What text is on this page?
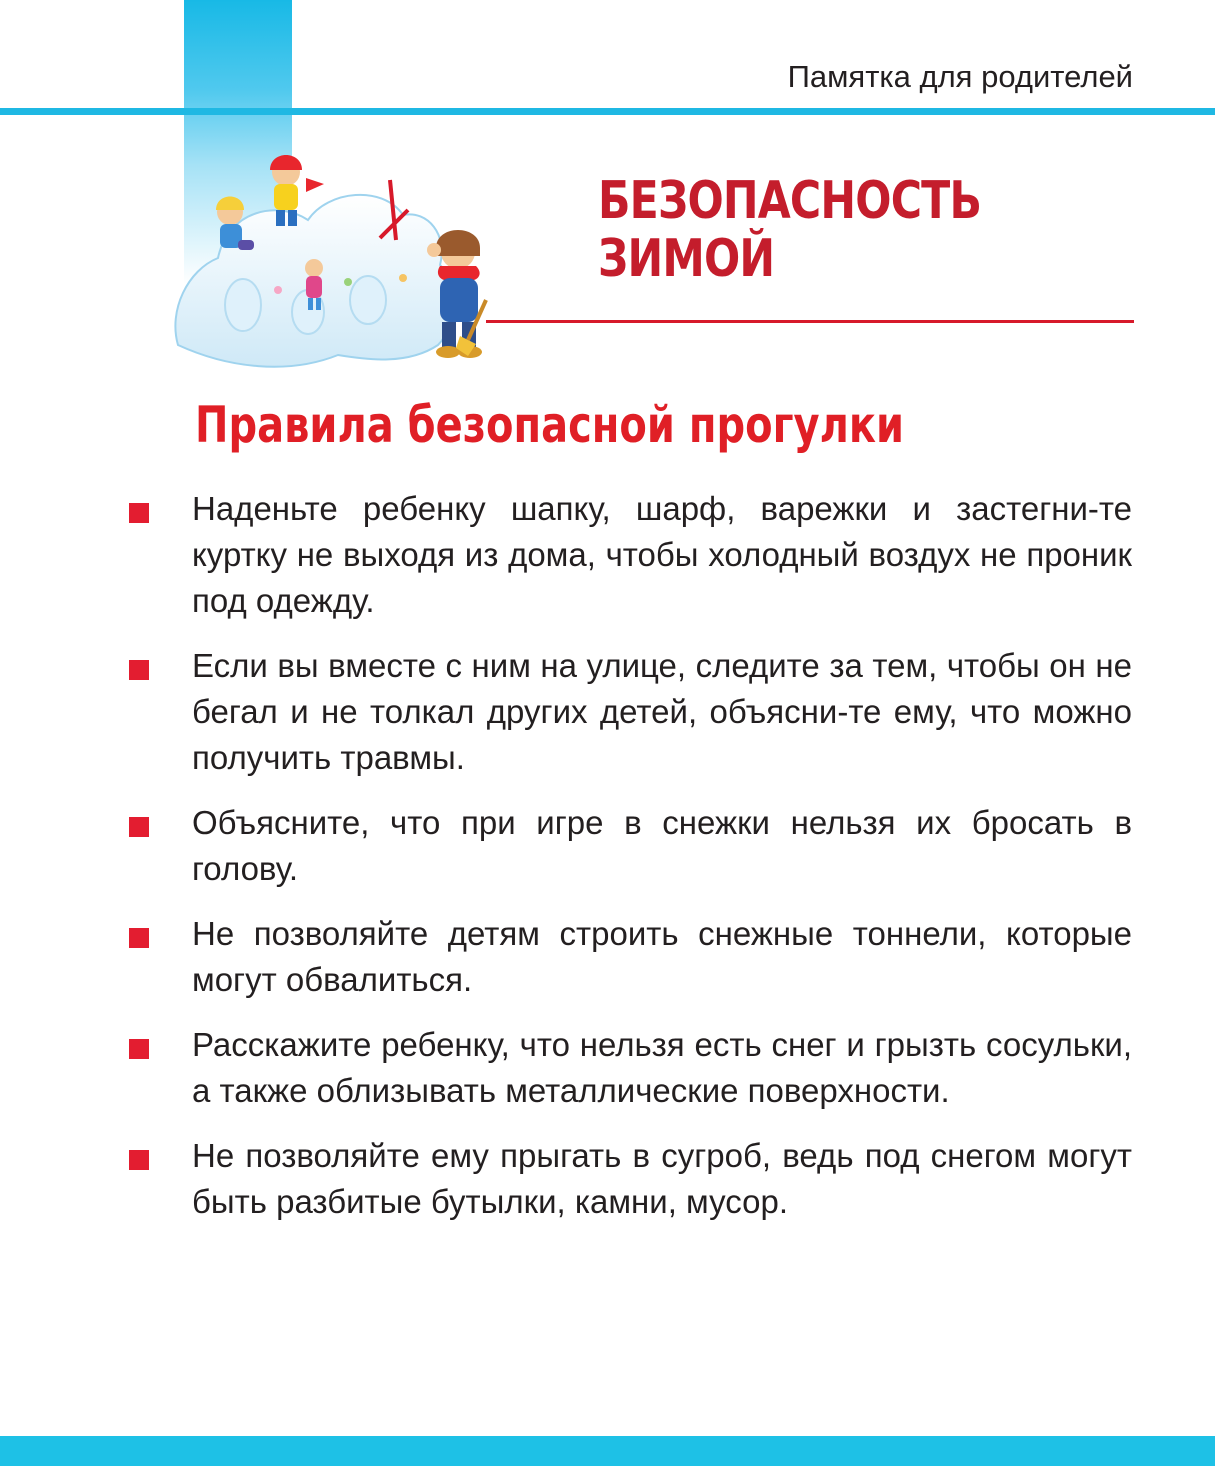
Памятка для родителей
БЕЗОПАСНОСТЬ
ЗИМОЙ
Правила безопасной прогулки
Наденьте ребенку шапку, шарф, варежки и застегни-те куртку не выходя из дома, чтобы холодный воздух не проник под одежду.
Если вы вместе с ним на улице, следите за тем, чтобы он не бегал и не толкал других детей, объясни-те ему, что можно получить травмы.
Объясните, что при игре в снежки нельзя их бросать в голову.
Не позволяйте детям строить снежные тоннели, которые могут обвалиться.
Расскажите ребенку, что нельзя есть снег и грызть сосульки, а также облизывать металлические поверхности.
Не позволяйте ему прыгать в сугроб, ведь под снегом могут быть разбитые бутылки, камни, мусор.
